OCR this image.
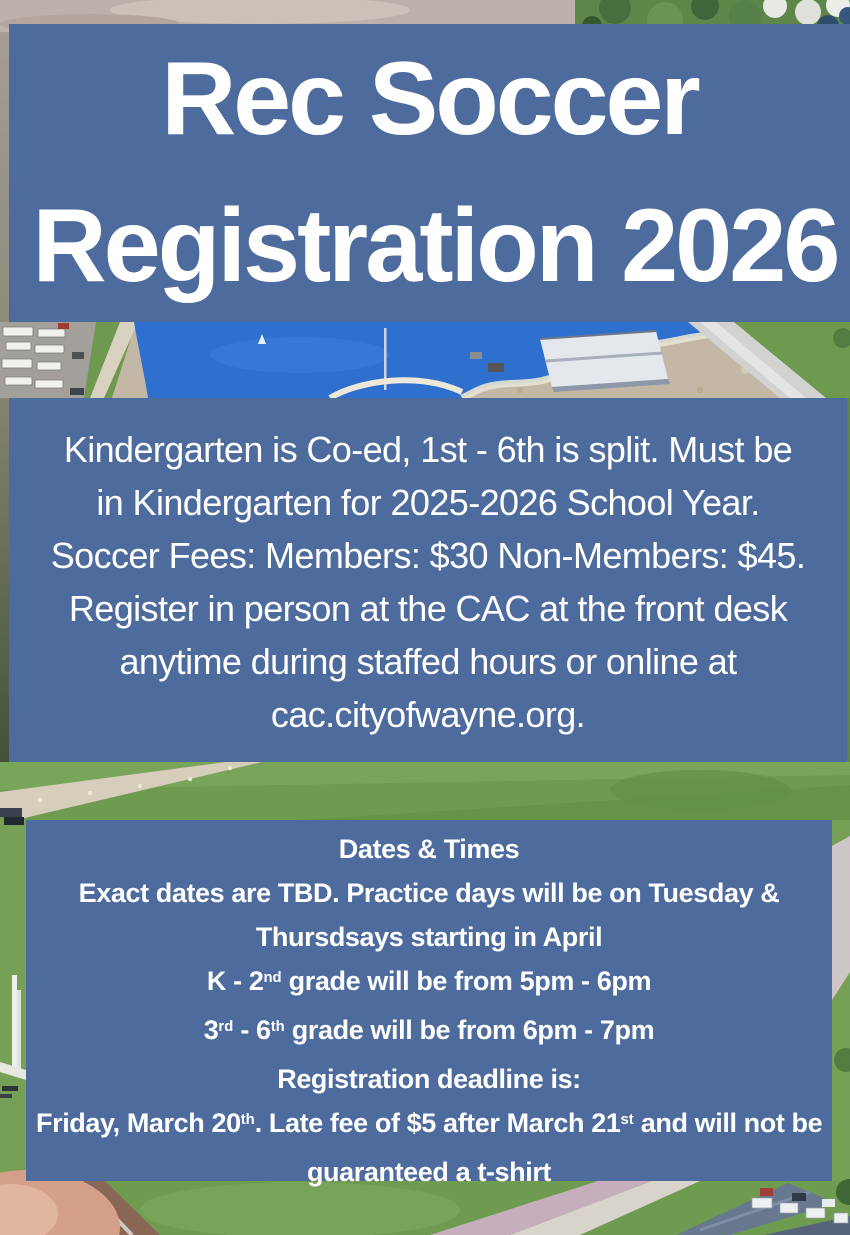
Rec Soccer
Registration 2026
Kindergarten is Co-ed, 1st - 6th is split. Must be
in Kindergarten for 2025-2026 School Year.
Soccer Fees: Members: $30 Non-Members: $45.
Register in person at the CAC at the front desk
anytime during staffed hours or online at
cac.cityofwayne.org.
Dates & Times
Exact dates are TBD. Practice days will be on Tuesday &
Thursdsays starting in April
K - 2nd grade will be from 5pm - 6pm
3rd - 6th grade will be from 6pm - 7pm
Registration deadline is:
Friday, March 20th. Late fee of $5 after March 21st and will not be
guaranteed a t-shirt
